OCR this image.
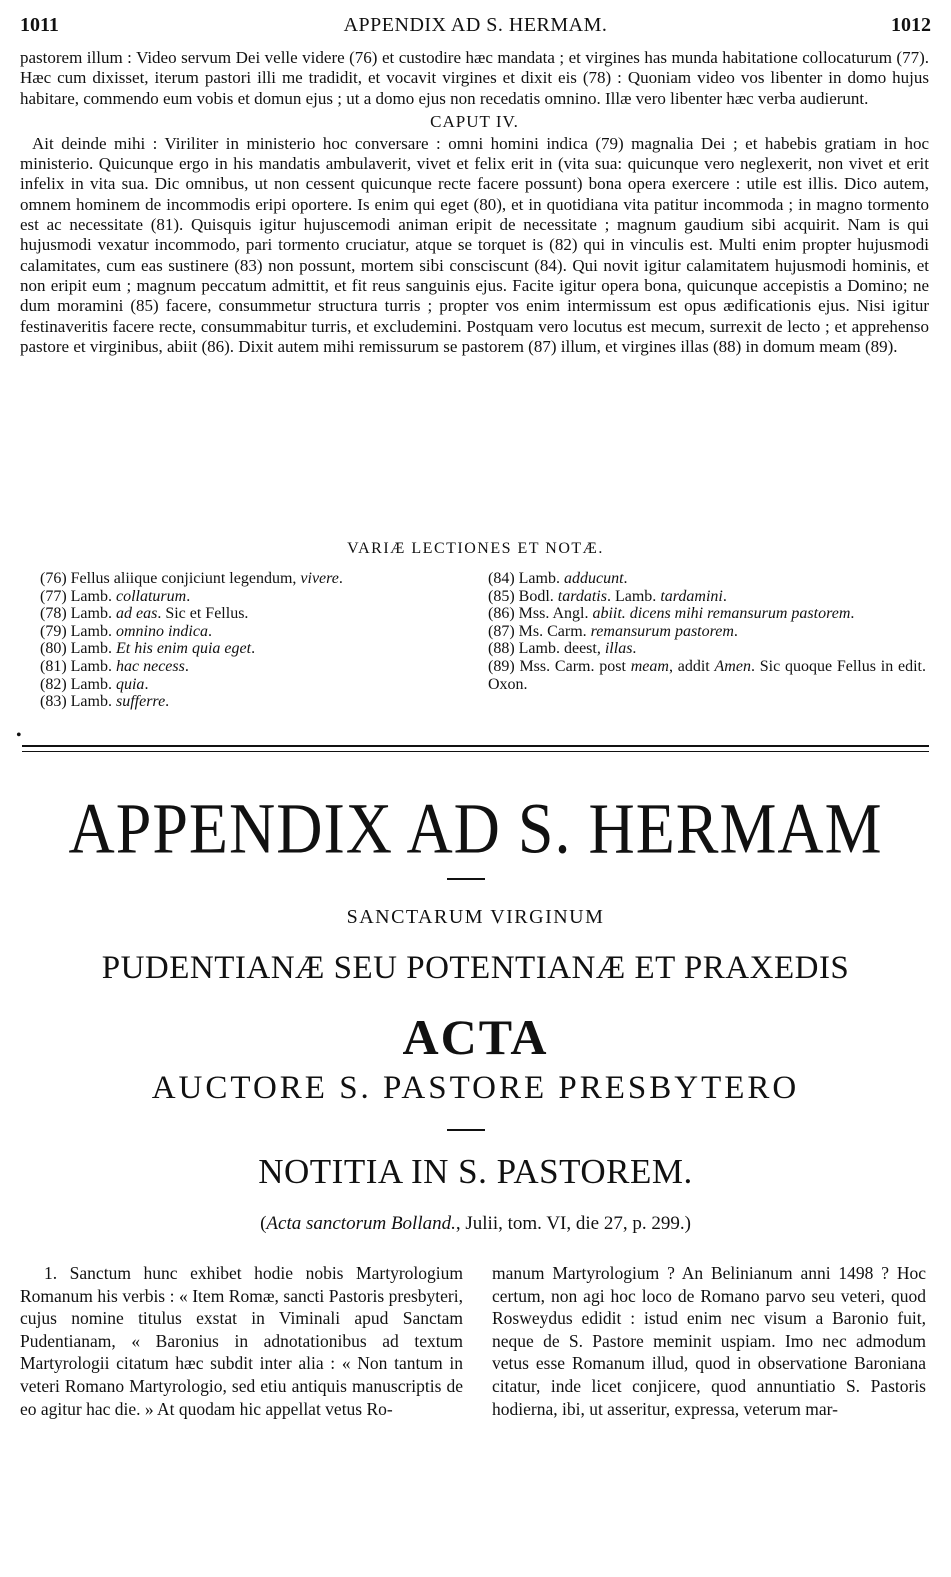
1011	APPENDIX AD S. HERMAM.	1012

pastorem illum : Video servum Dei velle videre (76) et custodire hæc mandata ; et virgines has munda habitatione collocaturum (77). Hæc cum dixisset, iterum pastori illi me tradidit, et vocavit virgines et dixit eis (78) : Quoniam video vos libenter in domo hujus habitare, commendo eum vobis et domun ejus ; ut a domo ejus non recedatis omnino. Illæ vero libenter hæc verba audierunt.

CAPUT IV.

Ait deinde mihi : Viriliter in ministerio hoc conversare : omni homini indica (79) magnalia Dei ; et habebis gratiam in hoc ministerio. Quicunque ergo in his mandatis ambulaverit, vivet et felix erit in (vita sua: quicunque vero neglexerit, non vivet et erit infelix in vita sua. Dic omnibus, ut non cessent quicunque recte facere possunt) bona opera exercere : utile est illis. Dico autem, omnem hominem de incommodis eripi oportere. Is enim qui eget (80), et in quotidiana vita patitur incommoda ; in magno tormento est ac necessitate (81). Quisquis igitur hujuscemodi animan eripit de necessitate ; magnum gaudium sibi acquirit. Nam is qui hujusmodi vexatur incommodo, pari tormento cruciatur, atque se torquet is (82) qui in vinculis est. Multi enim propter hujusmodi calamitates, cum eas sustinere (83) non possunt, mortem sibi consciscunt (84). Qui novit igitur calamitatem hujusmodi hominis, et non eripit eum ; magnum peccatum admittit, et fit reus sanguinis ejus. Facite igitur opera bona, quicunque accepistis a Domino; ne dum moramini (85) facere, consummetur structura turris ; propter vos enim intermissum est opus ædificationis ejus. Nisi igitur festinaveritis facere recte, consummabitur turris, et excludemini. Postquam vero locutus est mecum, surrexit de lecto ; et apprehenso pastore et virginibus, abiit (86). Dixit autem mihi remissurum se pastorem (87) illum, et virgines illas (88) in domum meam (89).

VARIÆ LECTIONES ET NOTÆ.
(76) Fellus aliique conjiciunt legendum, vivere.
(77) Lamb. collaturum.
(78) Lamb. ad eas. Sic et Fellus.
(79) Lamb. omnino indica.
(80) Lamb. Et his enim quia eget.
(81) Lamb. hac necess.
(82) Lamb. quia.
(83) Lamb. sufferre.
(84) Lamb. adducunt.
(85) Bodl. tardatis. Lamb. tardamini.
(86) Mss. Angl. abiit. dicens mihi remansurum pastorem.
(87) Ms. Carm. remansurum pastorem.
(88) Lamb. deest, illas.
(89) Mss. Carm. post meam, addit Amen. Sic quoque Fellus in edit. Oxon.
•
APPENDIX AD S. HERMAM
SANCTARUM VIRGINUM
PUDENTIANÆ SEU POTENTIANÆ ET PRAXEDIS
ACTA
AUCTORE S. PASTORE PRESBYTERO
NOTITIA IN S. PASTOREM.
(Acta sanctorum Bolland., Julii, tom. VI, die 27, p. 299.)
1. Sanctum hunc exhibet hodie nobis Martyrologium Romanum his verbis : « Item Romæ, sancti Pastoris presbyteri, cujus nomine titulus exstat in Viminali apud Sanctam Pudentianam, « Baronius in adnotationibus ad textum Martyrologii citatum hæc subdit inter alia : « Non tantum in veteri Romano Martyrologio, sed etiu antiquis manuscriptis de eo agitur hac die. » At quodam hic appellat vetus Ro-
manum Martyrologium ? An Belinianum anni 1498 ? Hoc certum, non agi hoc loco de Romano parvo seu veteri, quod Rosweydus edidit : istud enim nec visum a Baronio fuit, neque de S. Pastore meminit uspiam. Imo nec admodum vetus esse Romanum illud, quod in observatione Baroniana citatur, inde licet conjicere, quod annuntiatio S. Pastoris hodierna, ibi, ut asseritur, expressa, veterum mar-
